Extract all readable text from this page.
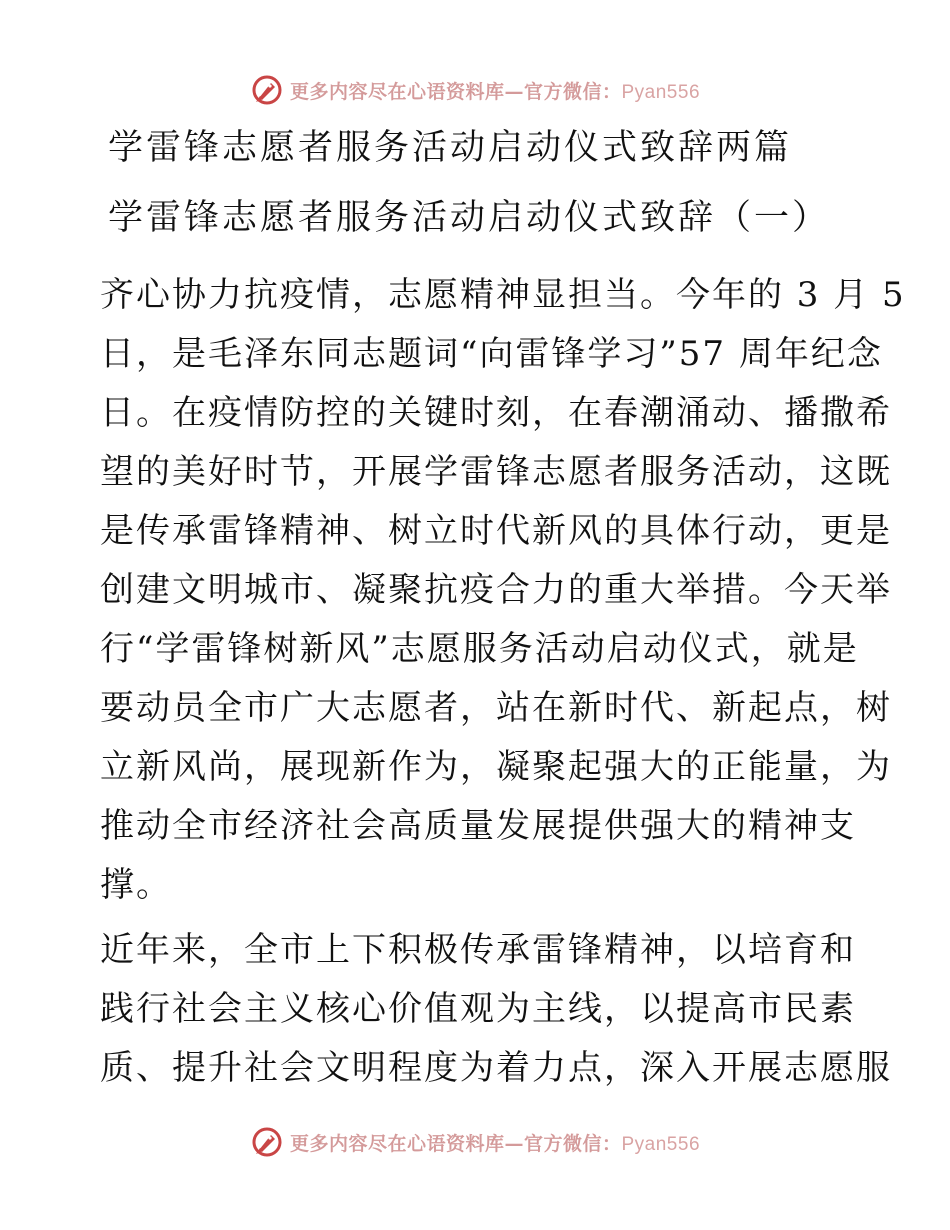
更多内容尽在心语资料库—官方微信：Pyan556
学雷锋志愿者服务活动启动仪式致辞两篇
学雷锋志愿者服务活动启动仪式致辞（一）
齐心协力抗疫情，志愿精神显担当。今年的 3 月 5
日，是毛泽东同志题词“向雷锋学习”57 周年纪念
日。在疫情防控的关键时刻，在春潮涌动、播撒希
望的美好时节，开展学雷锋志愿者服务活动，这既
是传承雷锋精神、树立时代新风的具体行动，更是
创建文明城市、凝聚抗疫合力的重大举措。今天举
行“学雷锋树新风”志愿服务活动启动仪式，就是
要动员全市广大志愿者，站在新时代、新起点，树
立新风尚，展现新作为，凝聚起强大的正能量，为
推动全市经济社会高质量发展提供强大的精神支
撑。
近年来，全市上下积极传承雷锋精神，以培育和
践行社会主义核心价值观为主线，以提高市民素
质、提升社会文明程度为着力点，深入开展志愿服
更多内容尽在心语资料库—官方微信：Pyan556
